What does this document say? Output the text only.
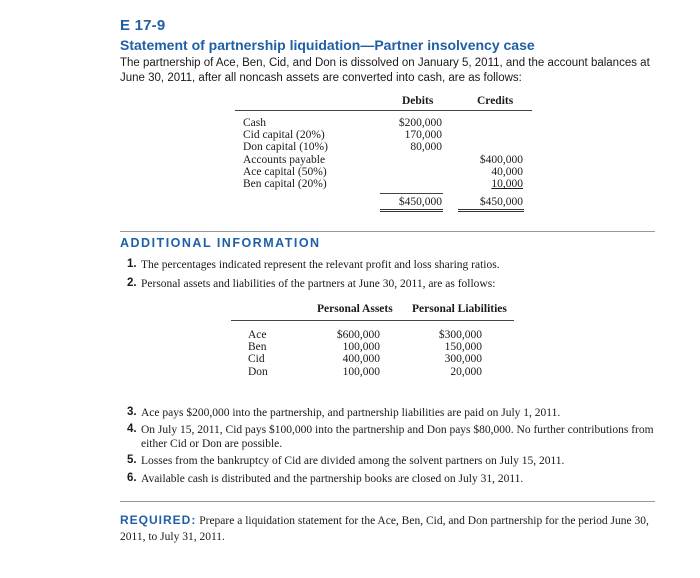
E 17-9
Statement of partnership liquidation—Partner insolvency case
The partnership of Ace, Ben, Cid, and Don is dissolved on January 5, 2011, and the account balances at June 30, 2011, after all noncash assets are converted into cash, are as follows:
Debits	Credits
Cash
Cid capital (20%)
Don capital (10%)
Accounts payable
Ace capital (50%)
Ben capital (20%)
$200,000
170,000
80,000
$400,000
40,000
10,000
$450,000	$450,000
ADDITIONAL INFORMATION
1. The percentages indicated represent the relevant profit and loss sharing ratios.
2. Personal assets and liabilities of the partners at June 30, 2011, are as follows:
Personal Assets Personal Liabilities
Ace
Ben
Cid
Don
$600,000
100,000
400,000
100,000
$300,000
150,000
300,000
20,000
3. Ace pays $200,000 into the partnership, and partnership liabilities are paid on July 1, 2011.
4. On July 15, 2011, Cid pays $100,000 into the partnership and Don pays $80,000. No further contributions from either Cid or Don are possible.
5. Losses from the bankruptcy of Cid are divided among the solvent partners on July 15, 2011.
6. Available cash is distributed and the partnership books are closed on July 31, 2011.
REQUIRED: Prepare a liquidation statement for the Ace, Ben, Cid, and Don partnership for the period June 30, 2011, to July 31, 2011.
